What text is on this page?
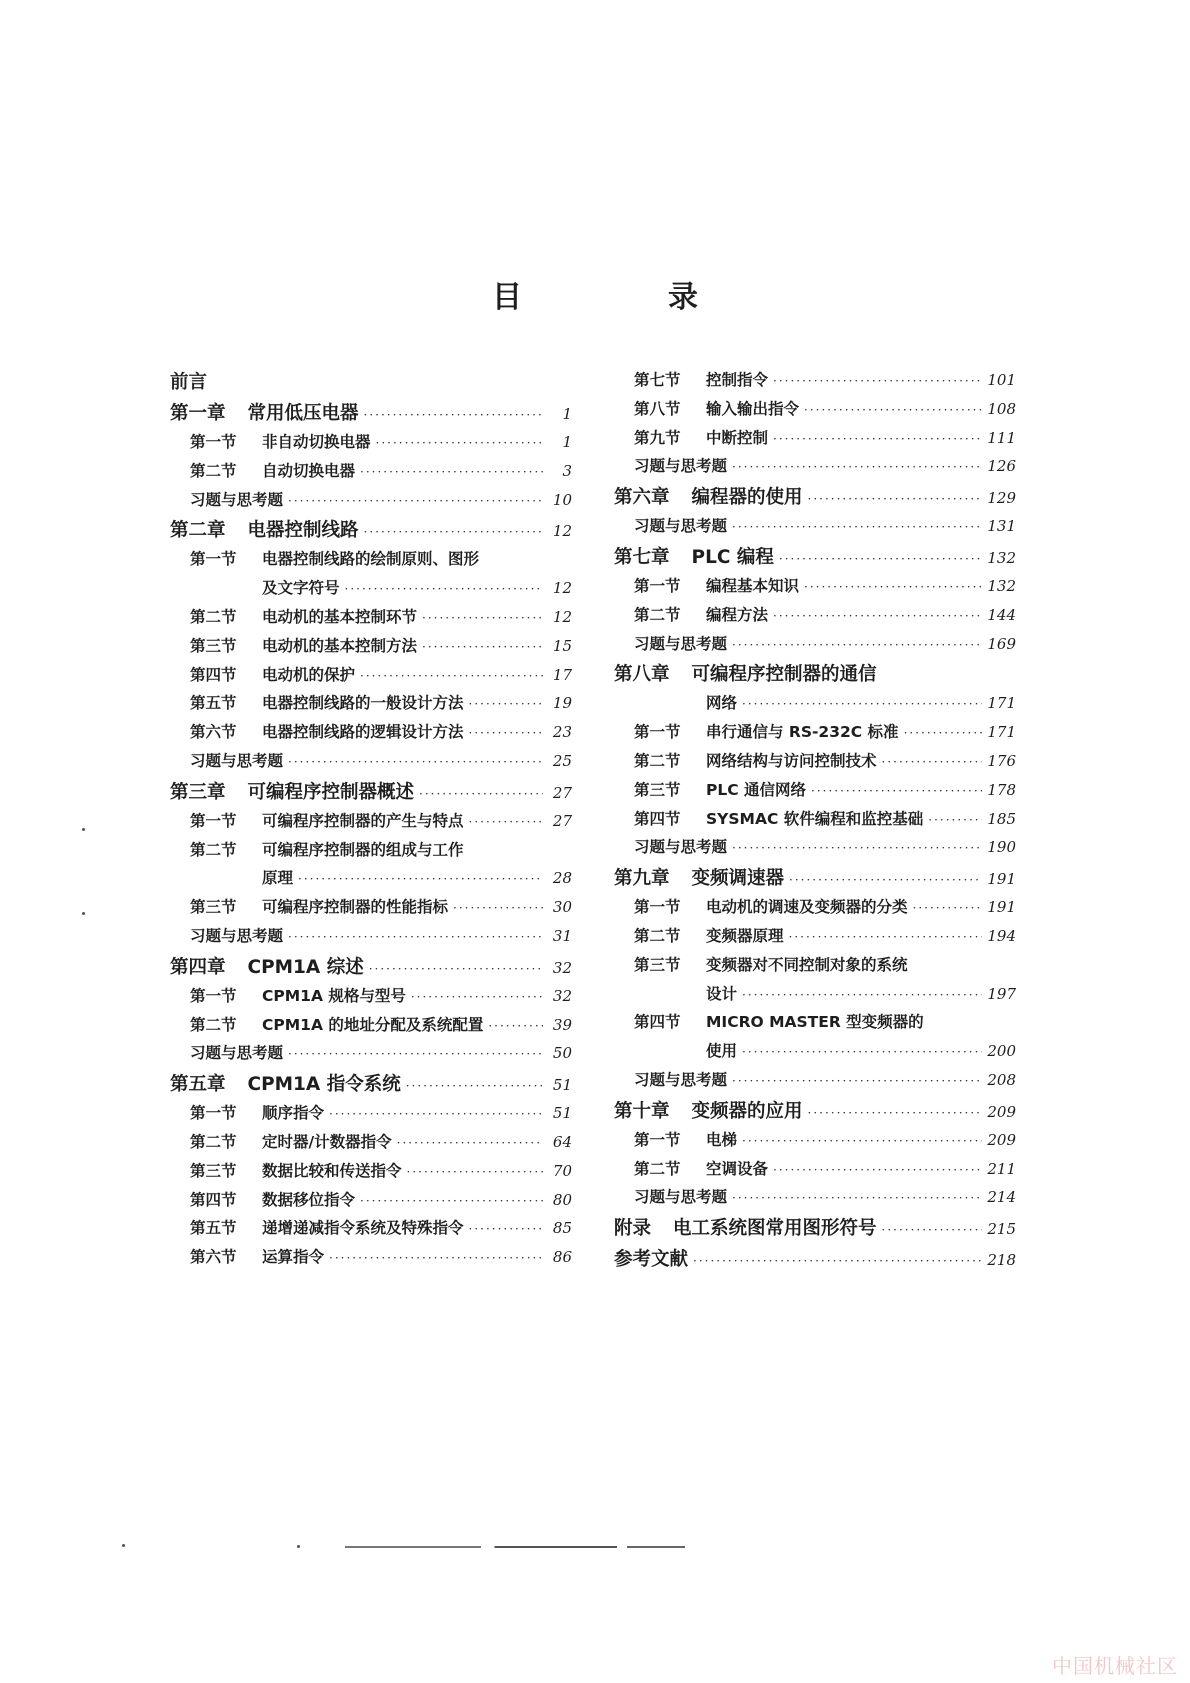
目　录
前言
第一章 常用低压电器 ·····	1
第一节	非自动切换电器 ·····	1
第二节	自动切换电器 ·····	3
习题与思考题 ·····	10
第二章 电器控制线路 ·····	12
第一节	电器控制线路的绘制原则、图形
及文字符号 ·····	12
第二节	电动机的基本控制环节 ·····	12
第三节	电动机的基本控制方法 ·····	15
第四节	电动机的保护 ·····	17
第五节	电器控制线路的一般设计方法 ·····	19
第六节	电器控制线路的逻辑设计方法 ·····	23
习题与思考题 ·····	25
第三章 可编程序控制器概述 ·····	27
第一节	可编程序控制器的产生与特点 ·····	27
第二节	可编程序控制器的组成与工作
原理 ·····	28
第三节	可编程序控制器的性能指标 ·····	30
习题与思考题 ·····	31
第四章 CPM1A 综述 ·····	32
第一节	CPM1A 规格与型号 ·····	32
第二节	CPM1A 的地址分配及系统配置 ·····	39
习题与思考题 ·····	50
第五章 CPM1A 指令系统 ·····	51
第一节	顺序指令 ·····	51
第二节	定时器/计数器指令 ·····	64
第三节	数据比较和传送指令 ·····	70
第四节	数据移位指令 ·····	80
第五节	递增递减指令系统及特殊指令 ·····	85
第六节	运算指令 ·····	86
第七节	控制指令 ·····	101
第八节	输入输出指令 ·····	108
第九节	中断控制 ·····	111
习题与思考题 ·····	126
第六章 编程器的使用 ·····	129
习题与思考题 ·····	131
第七章 PLC 编程 ·····	132
第一节	编程基本知识 ·····	132
第二节	编程方法 ·····	144
习题与思考题 ·····	169
第八章 可编程序控制器的通信
网络 ·····	171
第一节	串行通信与 RS-232C 标准 ·····	171
第二节	网络结构与访问控制技术 ·····	176
第三节	PLC 通信网络 ·····	178
第四节	SYSMAC 软件编程和监控基础 ·····	185
习题与思考题 ·····	190
第九章 变频调速器 ·····	191
第一节	电动机的调速及变频器的分类 ·····	191
第二节	变频器原理 ·····	194
第三节	变频器对不同控制对象的系统
设计 ·····	197
第四节	MICRO MASTER 型变频器的
使用 ·····	200
习题与思考题 ·····	208
第十章 变频器的应用 ·····	209
第一节	电梯 ·····	209
第二节	空调设备 ·····	211
习题与思考题 ·····	214
附录 电工系统图常用图形符号 ·····	215
参考文献 ·····	218
中国机械社区
